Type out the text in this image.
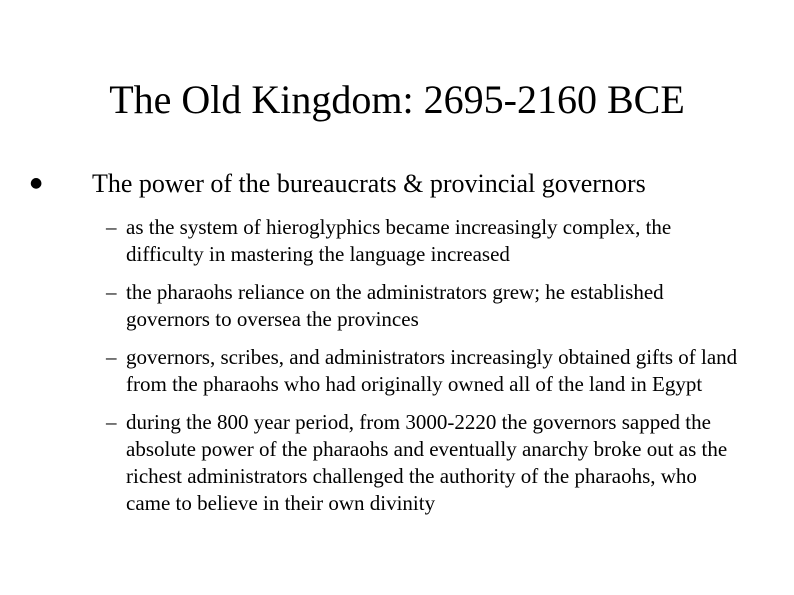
The Old Kingdom: 2695-2160 BCE
● The power of the bureaucrats & provincial governors
– as the system of hieroglyphics became increasingly complex, the difficulty in mastering the language increased
– the pharaohs reliance on the administrators grew; he established governors to oversea the provinces
– governors, scribes, and administrators increasingly obtained gifts of land from the pharaohs who had originally owned all of the land in Egypt
– during the 800 year period, from 3000-2220 the governors sapped the absolute power of the pharaohs and eventually anarchy broke out as the richest administrators challenged the authority of the pharaohs, who came to believe in their own divinity
